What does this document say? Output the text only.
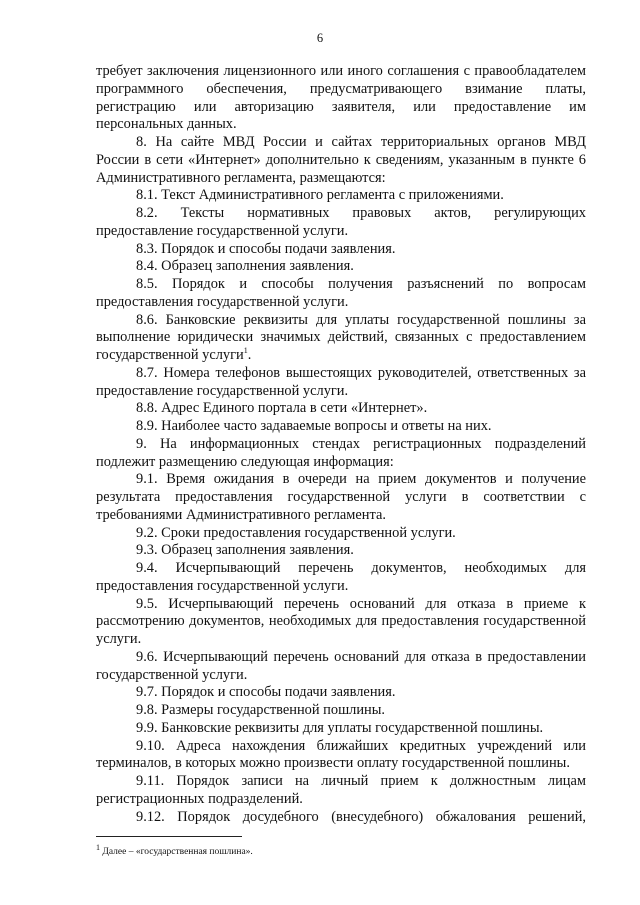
6

требует заключения лицензионного или иного соглашения с правообладателем программного обеспечения, предусматривающего взимание платы, регистрацию или авторизацию заявителя, или предоставление им персональных данных.

8. На сайте МВД России и сайтах территориальных органов МВД России в сети «Интернет» дополнительно к сведениям, указанным в пункте 6 Административного регламента, размещаются:

8.1. Текст Административного регламента с приложениями.

8.2. Тексты нормативных правовых актов, регулирующих предоставление государственной услуги.

8.3. Порядок и способы подачи заявления.

8.4. Образец заполнения заявления.

8.5. Порядок и способы получения разъяснений по вопросам предоставления государственной услуги.

8.6. Банковские реквизиты для уплаты государственной пошлины за выполнение юридически значимых действий, связанных с предоставлением государственной услуги$^1$.

8.7. Номера телефонов вышестоящих руководителей, ответственных за предоставление государственной услуги.

8.8. Адрес Единого портала в сети «Интернет».

8.9. Наиболее часто задаваемые вопросы и ответы на них.

9. На информационных стендах регистрационных подразделений подлежит размещению следующая информация:

9.1. Время ожидания в очереди на прием документов и получение результата предоставления государственной услуги в соответствии с требованиями Административного регламента.

9.2. Сроки предоставления государственной услуги.

9.3. Образец заполнения заявления.

9.4. Исчерпывающий перечень документов, необходимых для предоставления государственной услуги.

9.5. Исчерпывающий перечень оснований для отказа в приеме к рассмотрению документов, необходимых для предоставления государственной услуги.

9.6. Исчерпывающий перечень оснований для отказа в предоставлении государственной услуги.

9.7. Порядок и способы подачи заявления.

9.8. Размеры государственной пошлины.

9.9. Банковские реквизиты для уплаты государственной пошлины.

9.10. Адреса нахождения ближайших кредитных учреждений или терминалов, в которых можно произвести оплату государственной пошлины.

9.11. Порядок записи на личный прием к должностным лицам регистрационных подразделений.

9.12. Порядок досудебного (внесудебного) обжалования решений,

$^1$ Далее – «государственная пошлина».
